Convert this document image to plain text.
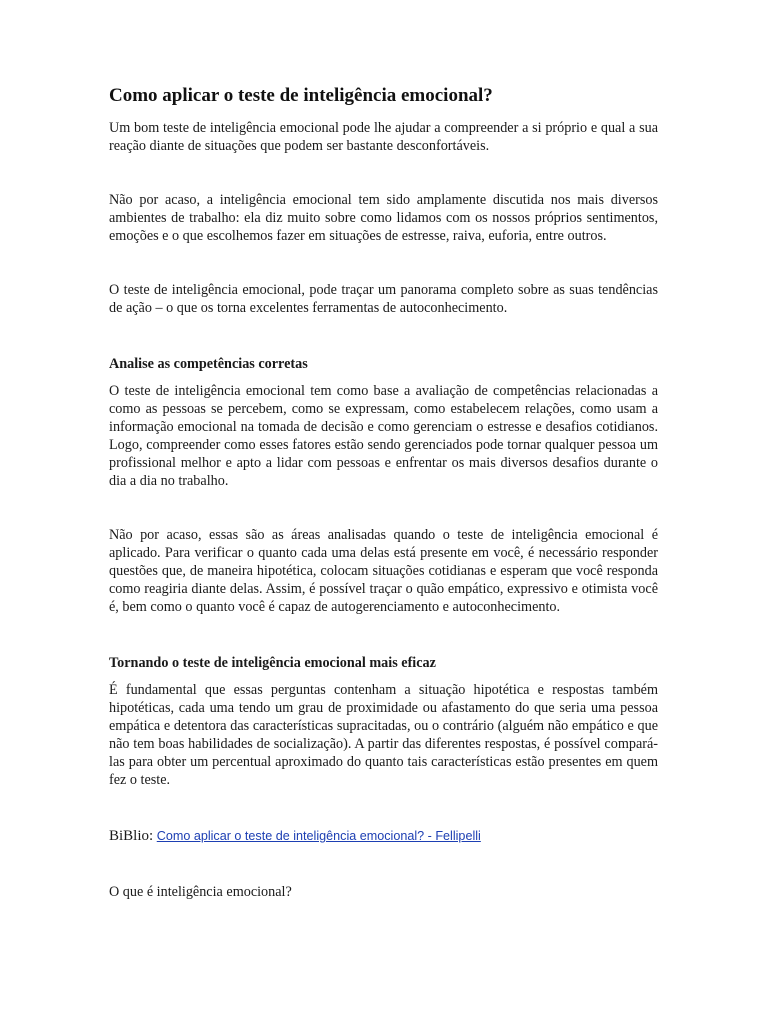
Como aplicar o teste de inteligência emocional?

Um bom teste de inteligência emocional pode lhe ajudar a compreender a si próprio e qual a sua reação diante de situações que podem ser bastante desconfortáveis.

Não por acaso, a inteligência emocional tem sido amplamente discutida nos mais diversos ambientes de trabalho: ela diz muito sobre como lidamos com os nossos próprios sentimentos, emoções e o que escolhemos fazer em situações de estresse, raiva, euforia, entre outros.

O teste de inteligência emocional, pode traçar um panorama completo sobre as suas tendências de ação – o que os torna excelentes ferramentas de autoconhecimento.

Analise as competências corretas

O teste de inteligência emocional tem como base a avaliação de competências relacionadas a como as pessoas se percebem, como se expressam, como estabelecem relações, como usam a informação emocional na tomada de decisão e como gerenciam o estresse e desafios cotidianos. Logo, compreender como esses fatores estão sendo gerenciados pode tornar qualquer pessoa um profissional melhor e apto a lidar com pessoas e enfrentar os mais diversos desafios durante o dia a dia no trabalho.

Não por acaso, essas são as áreas analisadas quando o teste de inteligência emocional é aplicado. Para verificar o quanto cada uma delas está presente em você, é necessário responder questões que, de maneira hipotética, colocam situações cotidianas e esperam que você responda como reagiria diante delas. Assim, é possível traçar o quão empático, expressivo e otimista você é, bem como o quanto você é capaz de autogerenciamento e autoconhecimento.

Tornando o teste de inteligência emocional mais eficaz

É fundamental que essas perguntas contenham a situação hipotética e respostas também hipotéticas, cada uma tendo um grau de proximidade ou afastamento do que seria uma pessoa empática e detentora das características supracitadas, ou o contrário (alguém não empático e que não tem boas habilidades de socialização). A partir das diferentes respostas, é possível compará-las para obter um percentual aproximado do quanto tais características estão presentes em quem fez o teste.

BiBlio: Como aplicar o teste de inteligência emocional? - Fellipelli

O que é inteligência emocional?
